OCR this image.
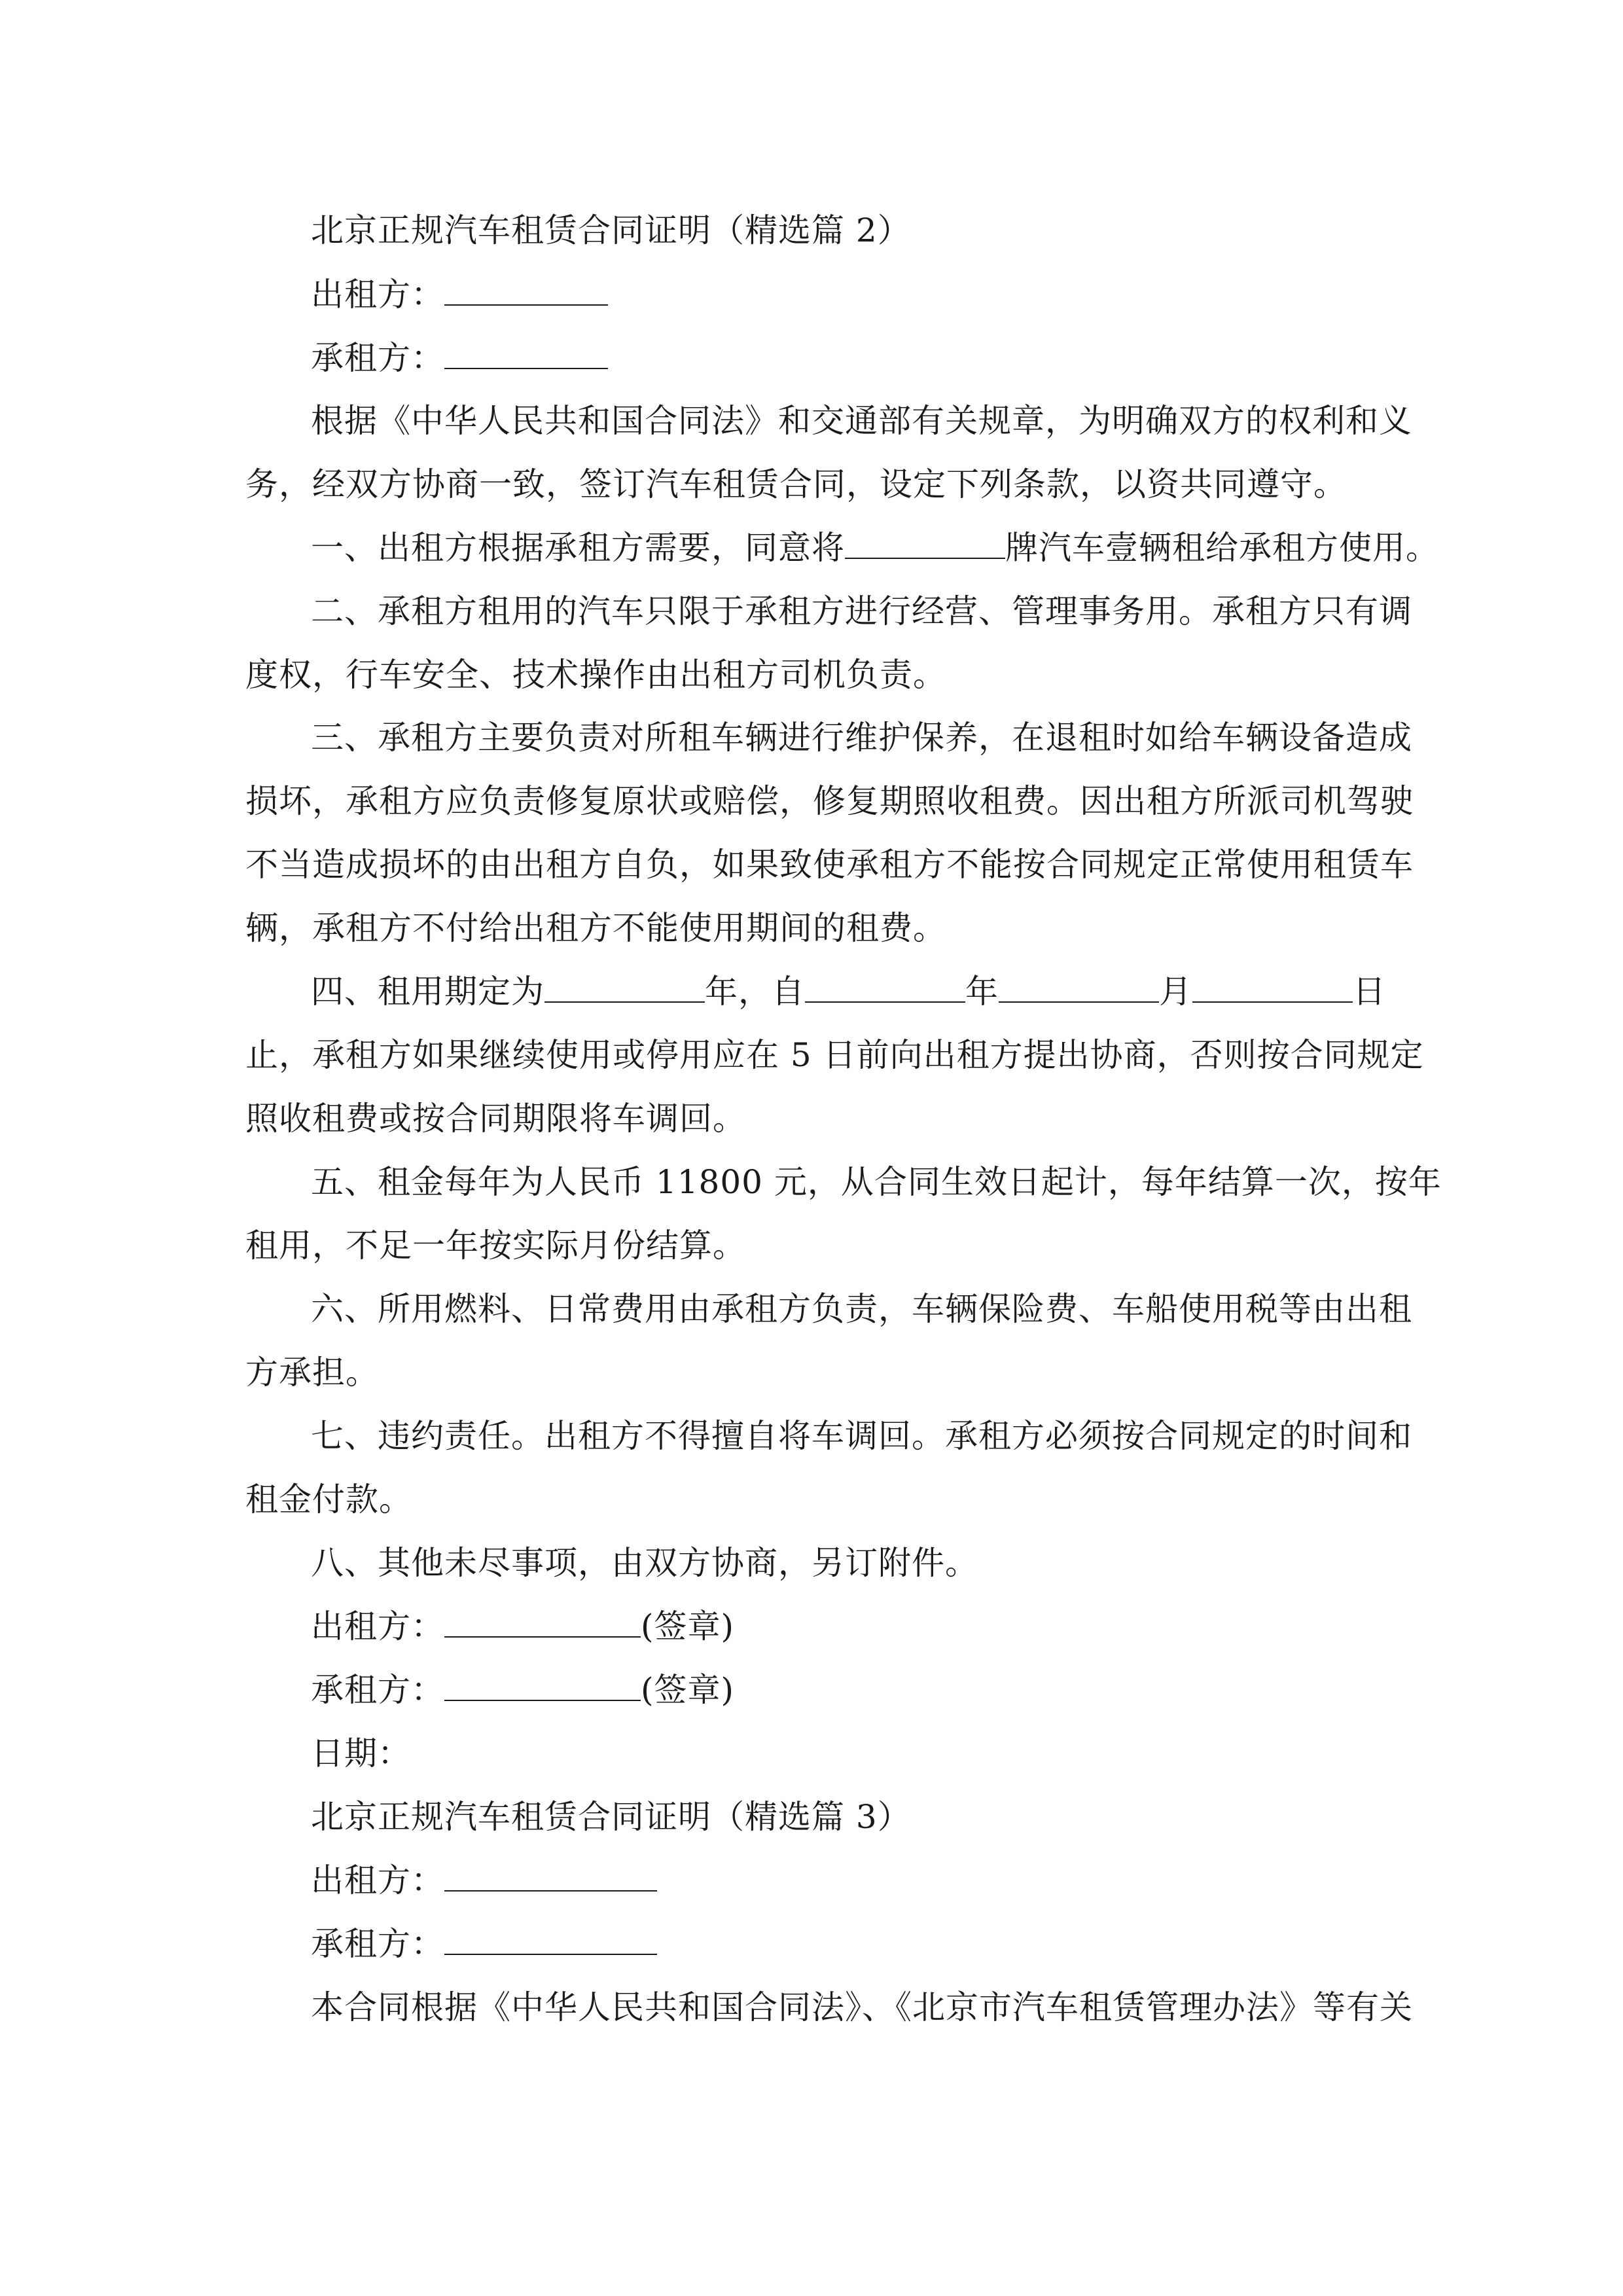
北京正规汽车租赁合同证明（精选篇 2）
出租方：
承租方：
根据《中华人民共和国合同法》和交通部有关规章，为明确双方的权利和义
务，经双方协商一致，签订汽车租赁合同，设定下列条款，以资共同遵守。
一、出租方根据承租方需要，同意将	牌汽车壹辆租给承租方使用。
二、承租方租用的汽车只限于承租方进行经营、管理事务用。承租方只有调
度权，行车安全、技术操作由出租方司机负责。
三、承租方主要负责对所租车辆进行维护保养，在退租时如给车辆设备造成
损坏，承租方应负责修复原状或赔偿，修复期照收租费。因出租方所派司机驾驶
不当造成损坏的由出租方自负，如果致使承租方不能按合同规定正常使用租赁车
辆，承租方不付给出租方不能使用期间的租费。
四、租用期定为	年，自	年	月	日
止，承租方如果继续使用或停用应在 5 日前向出租方提出协商，否则按合同规定
照收租费或按合同期限将车调回。
五、租金每年为人民币 11800 元，从合同生效日起计，每年结算一次，按年
租用，不足一年按实际月份结算。
六、所用燃料、日常费用由承租方负责，车辆保险费、车船使用税等由出租
方承担。
七、违约责任。出租方不得擅自将车调回。承租方必须按合同规定的时间和
租金付款。
八、其他未尽事项，由双方协商，另订附件。
出租方：	(签章)
承租方：	(签章)
日期：
北京正规汽车租赁合同证明（精选篇 3）
出租方：
承租方：
本合同根据《中华人民共和国合同法》、《北京市汽车租赁管理办法》等有关
